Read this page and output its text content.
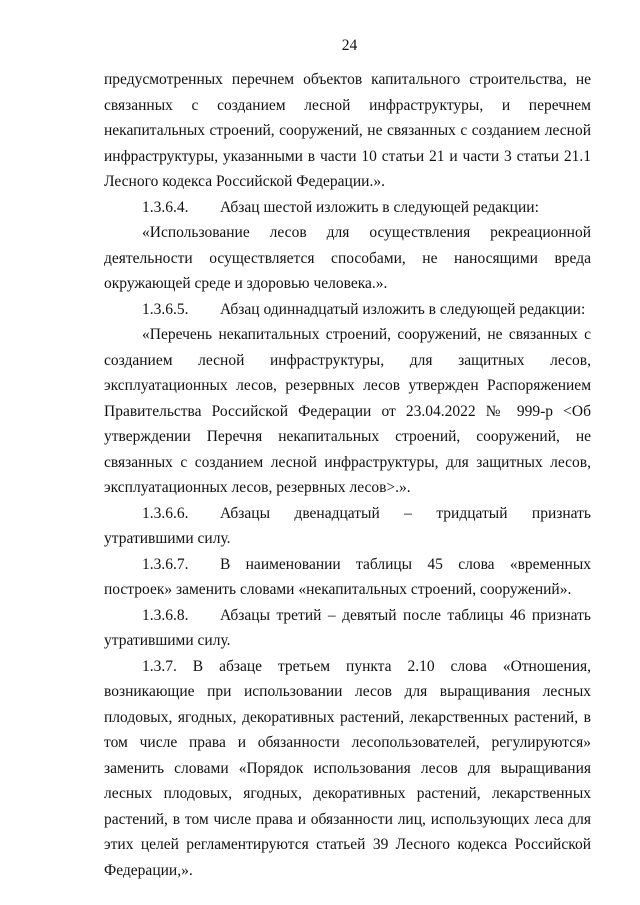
24

предусмотренных перечнем объектов капитального строительства, не связанных с созданием лесной инфраструктуры, и перечнем некапитальных строений, сооружений, не связанных с созданием лесной инфраструктуры, указанными в части 10 статьи 21 и части 3 статьи 21.1 Лесного кодекса Российской Федерации.».

1.3.6.4. Абзац шестой изложить в следующей редакции:

«Использование лесов для осуществления рекреационной деятельности осуществляется способами, не наносящими вреда окружающей среде и здоровью человека.».

1.3.6.5. Абзац одиннадцатый изложить в следующей редакции:

«Перечень некапитальных строений, сооружений, не связанных с созданием лесной инфраструктуры, для защитных лесов, эксплуатационных лесов, резервных лесов утвержден Распоряжением Правительства Российской Федерации от 23.04.2022 № 999-р <Об утверждении Перечня некапитальных строений, сооружений, не связанных с созданием лесной инфраструктуры, для защитных лесов, эксплуатационных лесов, резервных лесов>.».

1.3.6.6. Абзацы двенадцатый – тридцатый признать утратившими силу.

1.3.6.7. В наименовании таблицы 45 слова «временных построек» заменить словами «некапитальных строений, сооружений».

1.3.6.8. Абзацы третий – девятый после таблицы 46 признать утратившими силу.

1.3.7. В абзаце третьем пункта 2.10 слова «Отношения, возникающие при использовании лесов для выращивания лесных плодовых, ягодных, декоративных растений, лекарственных растений, в том числе права и обязанности лесопользователей, регулируются» заменить словами «Порядок использования лесов для выращивания лесных плодовых, ягодных, декоративных растений, лекарственных растений, в том числе права и обязанности лиц, использующих леса для этих целей регламентируются статьей 39 Лесного кодекса Российской Федерации,».
